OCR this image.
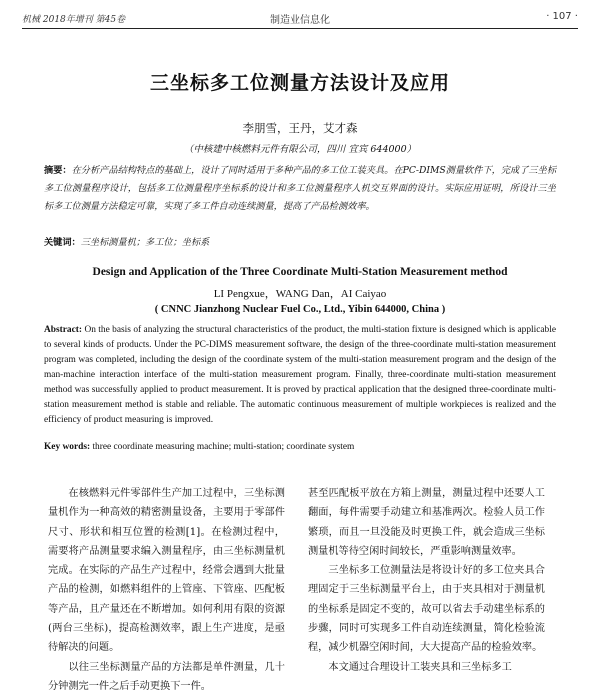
机械 2018年增刊 第45卷	制造业信息化	· 107 ·
三坐标多工位测量方法设计及应用
李朋雪，王丹，艾才森
（中核建中核燃料元件有限公司，四川 宜宾 644000）
摘要：在分析产品结构特点的基础上，设计了同时适用于多种产品的多工位工装夹具。在PC-DIMS测量软件下，完成了三坐标多工位测量程序设计，包括多工位测量程序坐标系的设计和多工位测量程序人机交互界面的设计。实际应用证明，所设计三坐标多工位测量方法稳定可靠，实现了多工件自动连续测量，提高了产品检测效率。
关键词：三坐标测量机；多工位；坐标系
Design and Application of the Three Coordinate Multi-Station Measurement method
LI Pengxue，WANG Dan，AI Caiyao
( CNNC Jianzhong Nuclear Fuel Co., Ltd., Yibin 644000, China )
Abstract: On the basis of analyzing the structural characteristics of the product, the multi-station fixture is designed which is applicable to several kinds of products. Under the PC-DIMS measurement software, the design of the three-coordinate multi-station measurement program was completed, including the design of the coordinate system of the multi-station measurement program and the design of the man-machine interaction interface of the multi-station measurement program. Finally, three-coordinate multi-station measurement method was successfully applied to product measurement. It is proved by practical application that the designed three-coordinate multi-station measurement method is stable and reliable. The automatic continuous measurement of multiple workpieces is realized and the efficiency of product measuring is improved.
Key words: three coordinate measuring machine; multi-station; coordinate system

在核燃料元件零部件生产加工过程中，三坐标测量机作为一种高效的精密测量设备，主要用于零部件尺寸、形状和相互位置的检测[1]。在检测过程中，需要将产品测量要求编入测量程序，由三坐标测量机完成。在实际的产品生产过程中，经常会遇到大批量产品的检测，如燃料组件的上管座、下管座、匹配板等产品，且产量还在不断增加。如何利用有限的资源(两台三坐标)，提高检测效率，跟上生产进度，是亟待解决的问题。

以往三坐标测量产品的方法都是单件测量，几十分钟测完一件之后手动更换下一件。

甚至匹配板平放在方箱上测量，测量过程中还要人工翻面，每件需要手动建立和基准两次。检验人员工作繁琐，而且一旦没能及时更换工件，就会造成三坐标测量机等待空闲时间较长，严重影响测量效率。

三坐标多工位测量法是将设计好的多工位夹具合理固定于三坐标测量平台上，由于夹具相对于测量机的坐标系是固定不变的，故可以省去手动建坐标系的步骤，同时可实现多工件自动连续测量，简化检验流程，减少机器空闲时间，大大提高产品的检验效率。

本文通过合理设计工装夹具和三坐标多工
